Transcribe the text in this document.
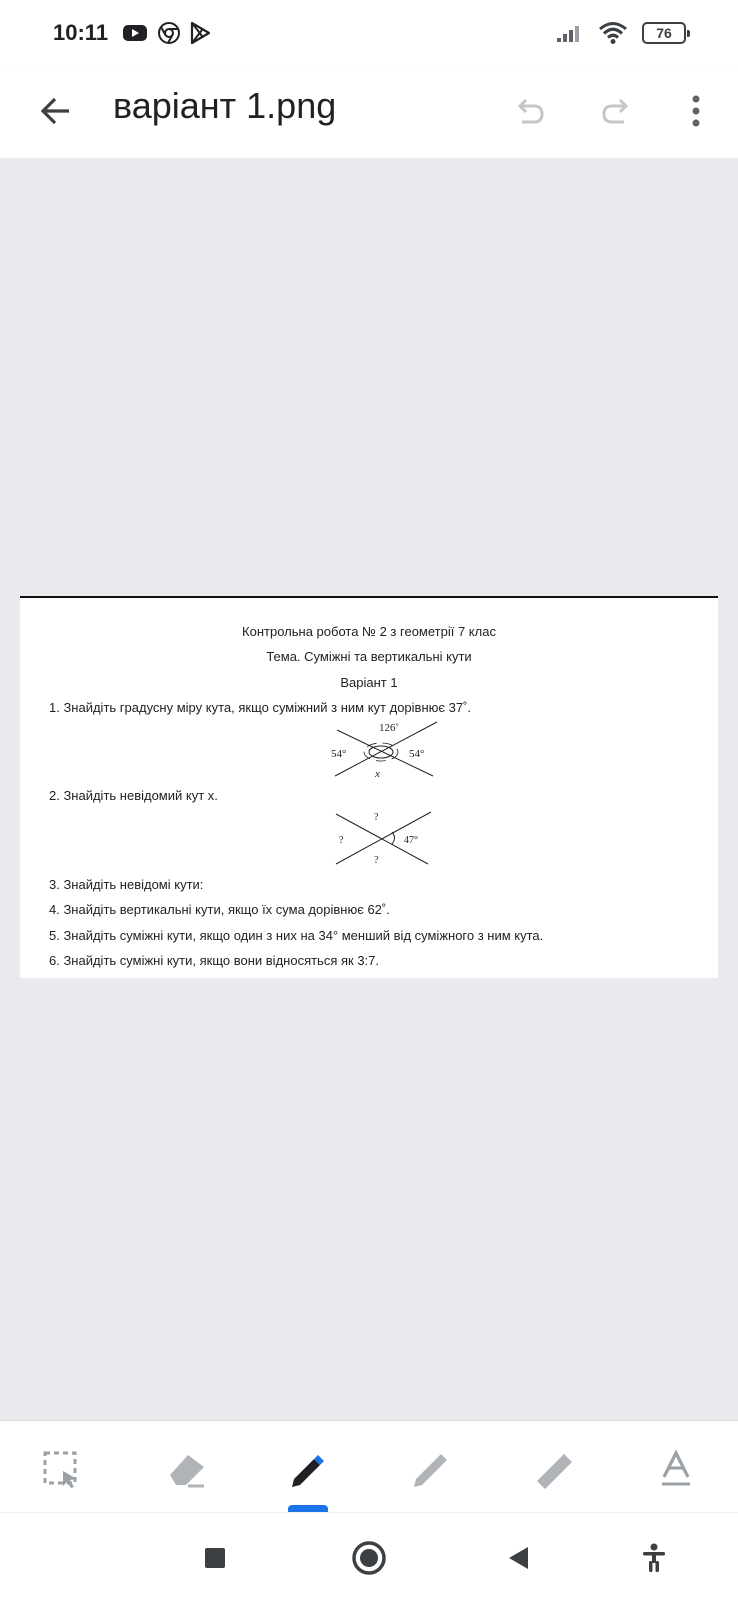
10:11	76
варіант 1.png
Контрольна робота № 2 з геометрії 7 клас
Тема. Суміжні та вертикальні кути
Варіант 1
1. Знайдіть градусну міру кута, якщо суміжний з ним кут дорівнює 37˚.
126˚
54°	54°
x
2. Знайдіть невідомий кут x.
?
?	47°
?
3. Знайдіть невідомі кути:
4. Знайдіть вертикальні кути, якщо їх сума дорівнює 62˚.
5. Знайдіть суміжні кути, якщо один з них на 34° менший від суміжного з ним кута.
6. Знайдіть суміжні кути, якщо вони відносяться як 3:7.
